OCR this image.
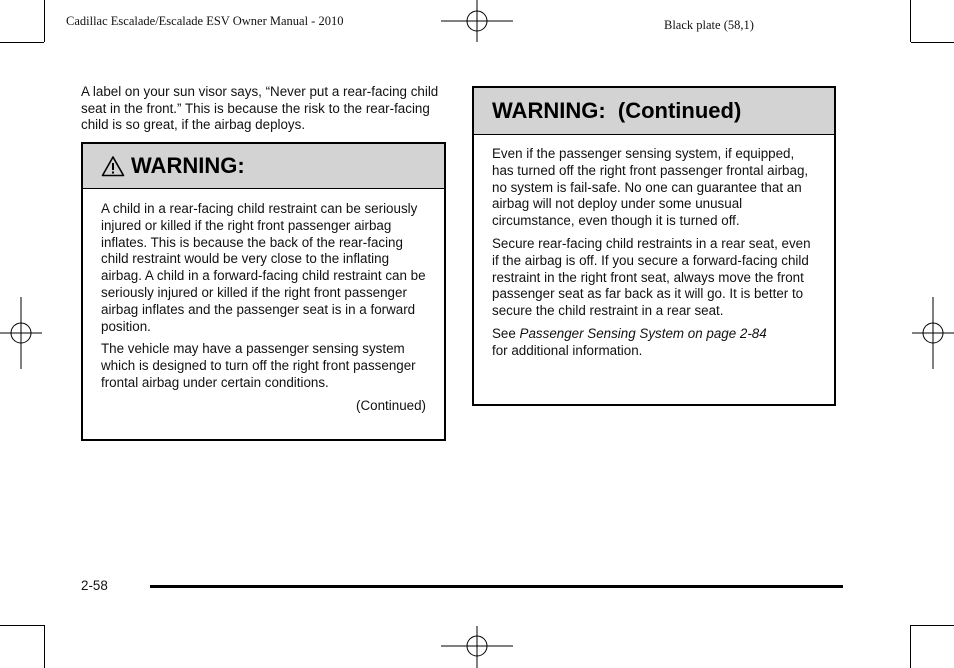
Cadillac Escalade/Escalade ESV Owner Manual - 2010	Black plate (58,1)
A label on your sun visor says, “Never put a rear-facing child seat in the front.” This is because the risk to the rear-facing child is so great, if the airbag deploys.
WARNING:

A child in a rear-facing child restraint can be seriously injured or killed if the right front passenger airbag inflates. This is because the back of the rear-facing child restraint would be very close to the inflating airbag. A child in a forward-facing child restraint can be seriously injured or killed if the right front passenger airbag inflates and the passenger seat is in a forward position.

The vehicle may have a passenger sensing system which is designed to turn off the right front passenger frontal airbag under certain conditions.

(Continued)
WARNING:  (Continued)

Even if the passenger sensing system, if equipped, has turned off the right front passenger frontal airbag, no system is fail-safe. No one can guarantee that an airbag will not deploy under some unusual circumstance, even though it is turned off.

Secure rear-facing child restraints in a rear seat, even if the airbag is off. If you secure a forward-facing child restraint in the right front seat, always move the front passenger seat as far back as it will go. It is better to secure the child restraint in a rear seat.

See Passenger Sensing System on page 2-84
for additional information.

2-58
